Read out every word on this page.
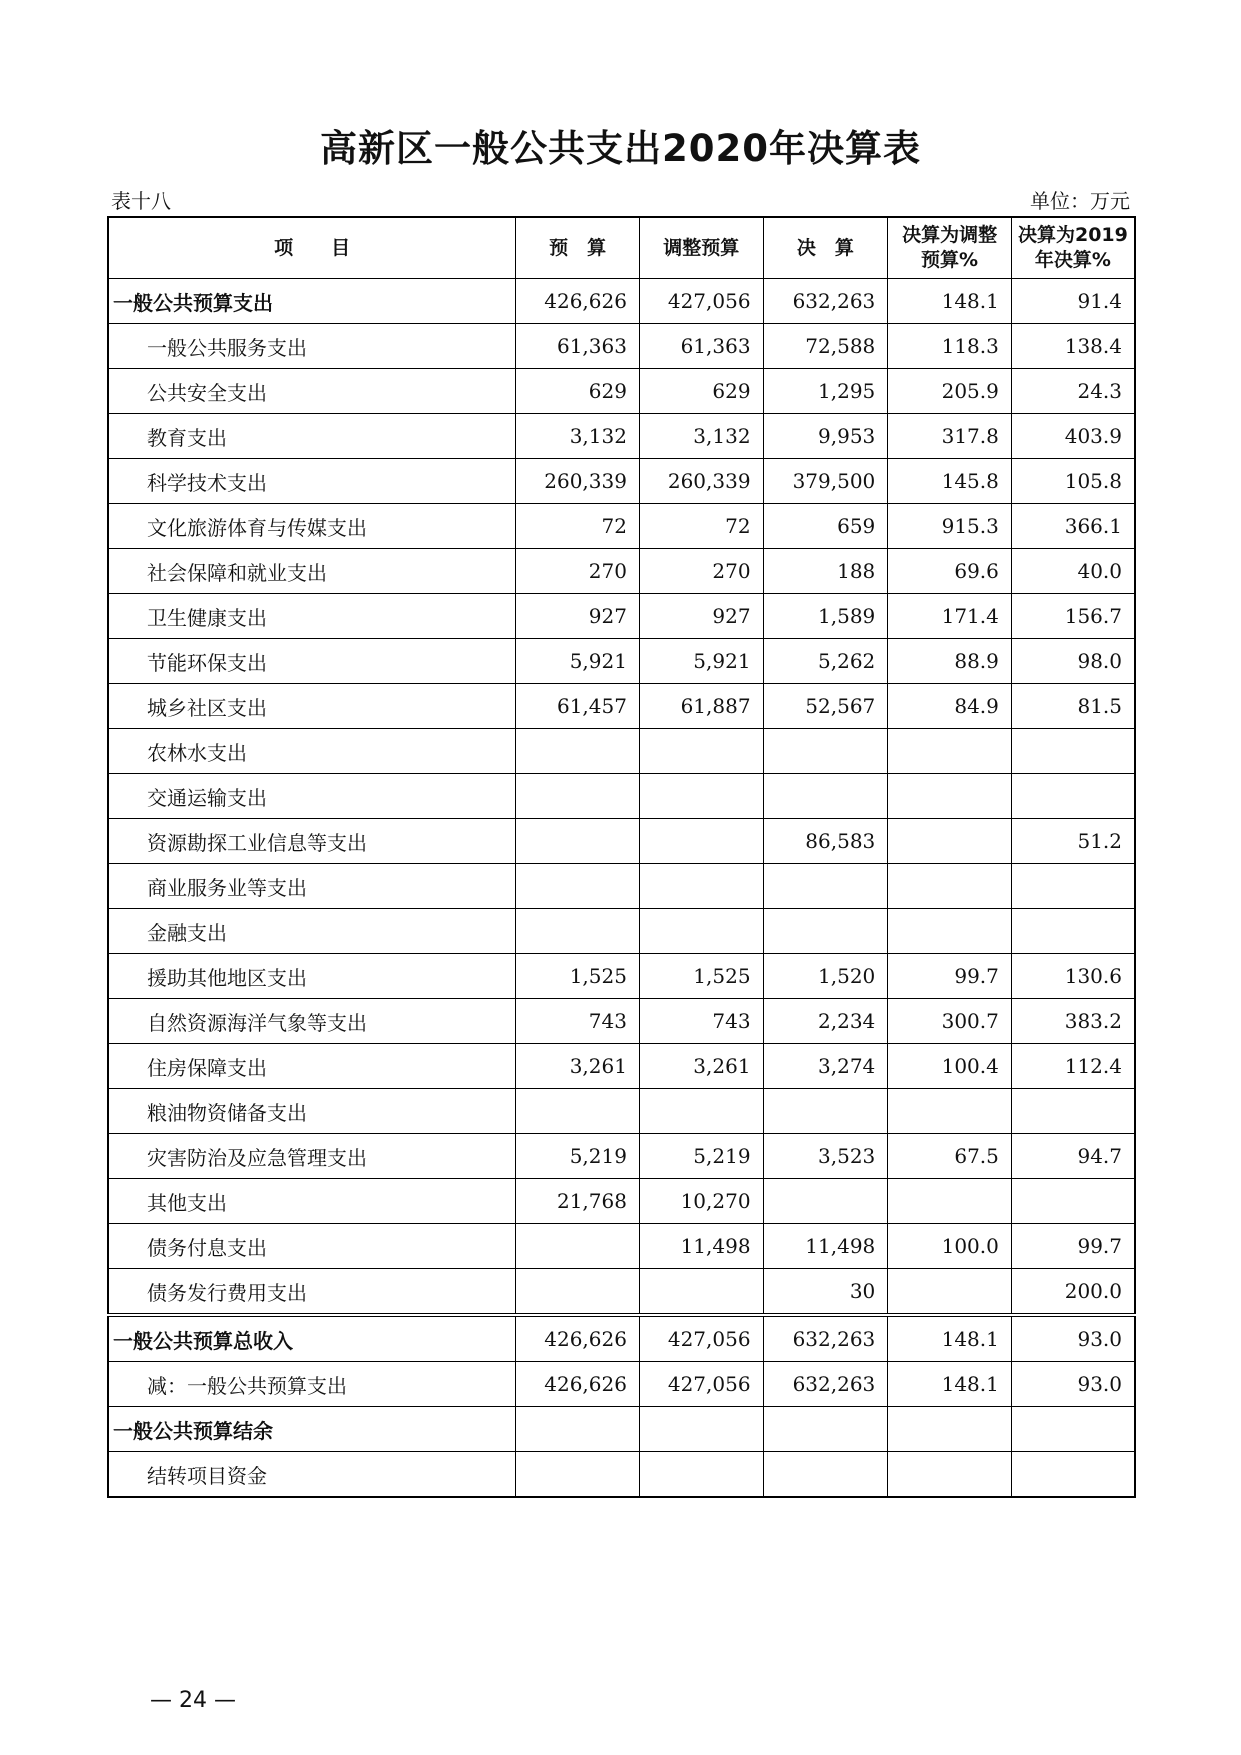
高新区一般公共支出2020年决算表
表十八	单位：万元
项　　目	预　算	调整预算	决　算	决算为调整预算%	决算为2019年决算%
一般公共预算支出	426,626	427,056	632,263	148.1	91.4
一般公共服务支出	61,363	61,363	72,588	118.3	138.4
公共安全支出	629	629	1,295	205.9	24.3
教育支出	3,132	3,132	9,953	317.8	403.9
科学技术支出	260,339	260,339	379,500	145.8	105.8
文化旅游体育与传媒支出	72	72	659	915.3	366.1
社会保障和就业支出	270	270	188	69.6	40.0
卫生健康支出	927	927	1,589	171.4	156.7
节能环保支出	5,921	5,921	5,262	88.9	98.0
城乡社区支出	61,457	61,887	52,567	84.9	81.5
农林水支出					
交通运输支出					
资源勘探工业信息等支出			86,583		51.2
商业服务业等支出					
金融支出					
援助其他地区支出	1,525	1,525	1,520	99.7	130.6
自然资源海洋气象等支出	743	743	2,234	300.7	383.2
住房保障支出	3,261	3,261	3,274	100.4	112.4
粮油物资储备支出					
灾害防治及应急管理支出	5,219	5,219	3,523	67.5	94.7
其他支出	21,768	10,270			
债务付息支出		11,498	11,498	100.0	99.7
债务发行费用支出			30		200.0
一般公共预算总收入	426,626	427,056	632,263	148.1	93.0
减：一般公共预算支出	426,626	427,056	632,263	148.1	93.0
一般公共预算结余					
结转项目资金					
— 24 —
